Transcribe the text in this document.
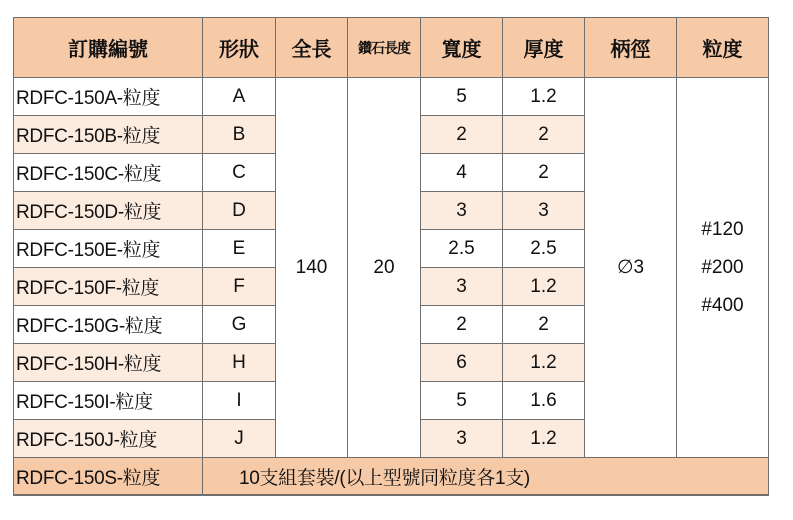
訂購編號	形狀	全長	鑽石長度	寬度	厚度	柄徑	粒度
RDFC-150A-粒度	A	140	20	5	1.2	∅3	#120
#200
#400

RDFC-150B-粒度	B			2	2		
RDFC-150C-粒度	C			4	2		
RDFC-150D-粒度	D			3	3		
RDFC-150E-粒度	E			2.5	2.5		
RDFC-150F-粒度	F			3	1.2		
RDFC-150G-粒度	G			2	2		
RDFC-150H-粒度	H			6	1.2		
RDFC-150I-粒度	I			5	1.6		
RDFC-150J-粒度	J			3	1.2		
RDFC-150S-粒度	10支組套裝/(以上型號同粒度各1支)						
